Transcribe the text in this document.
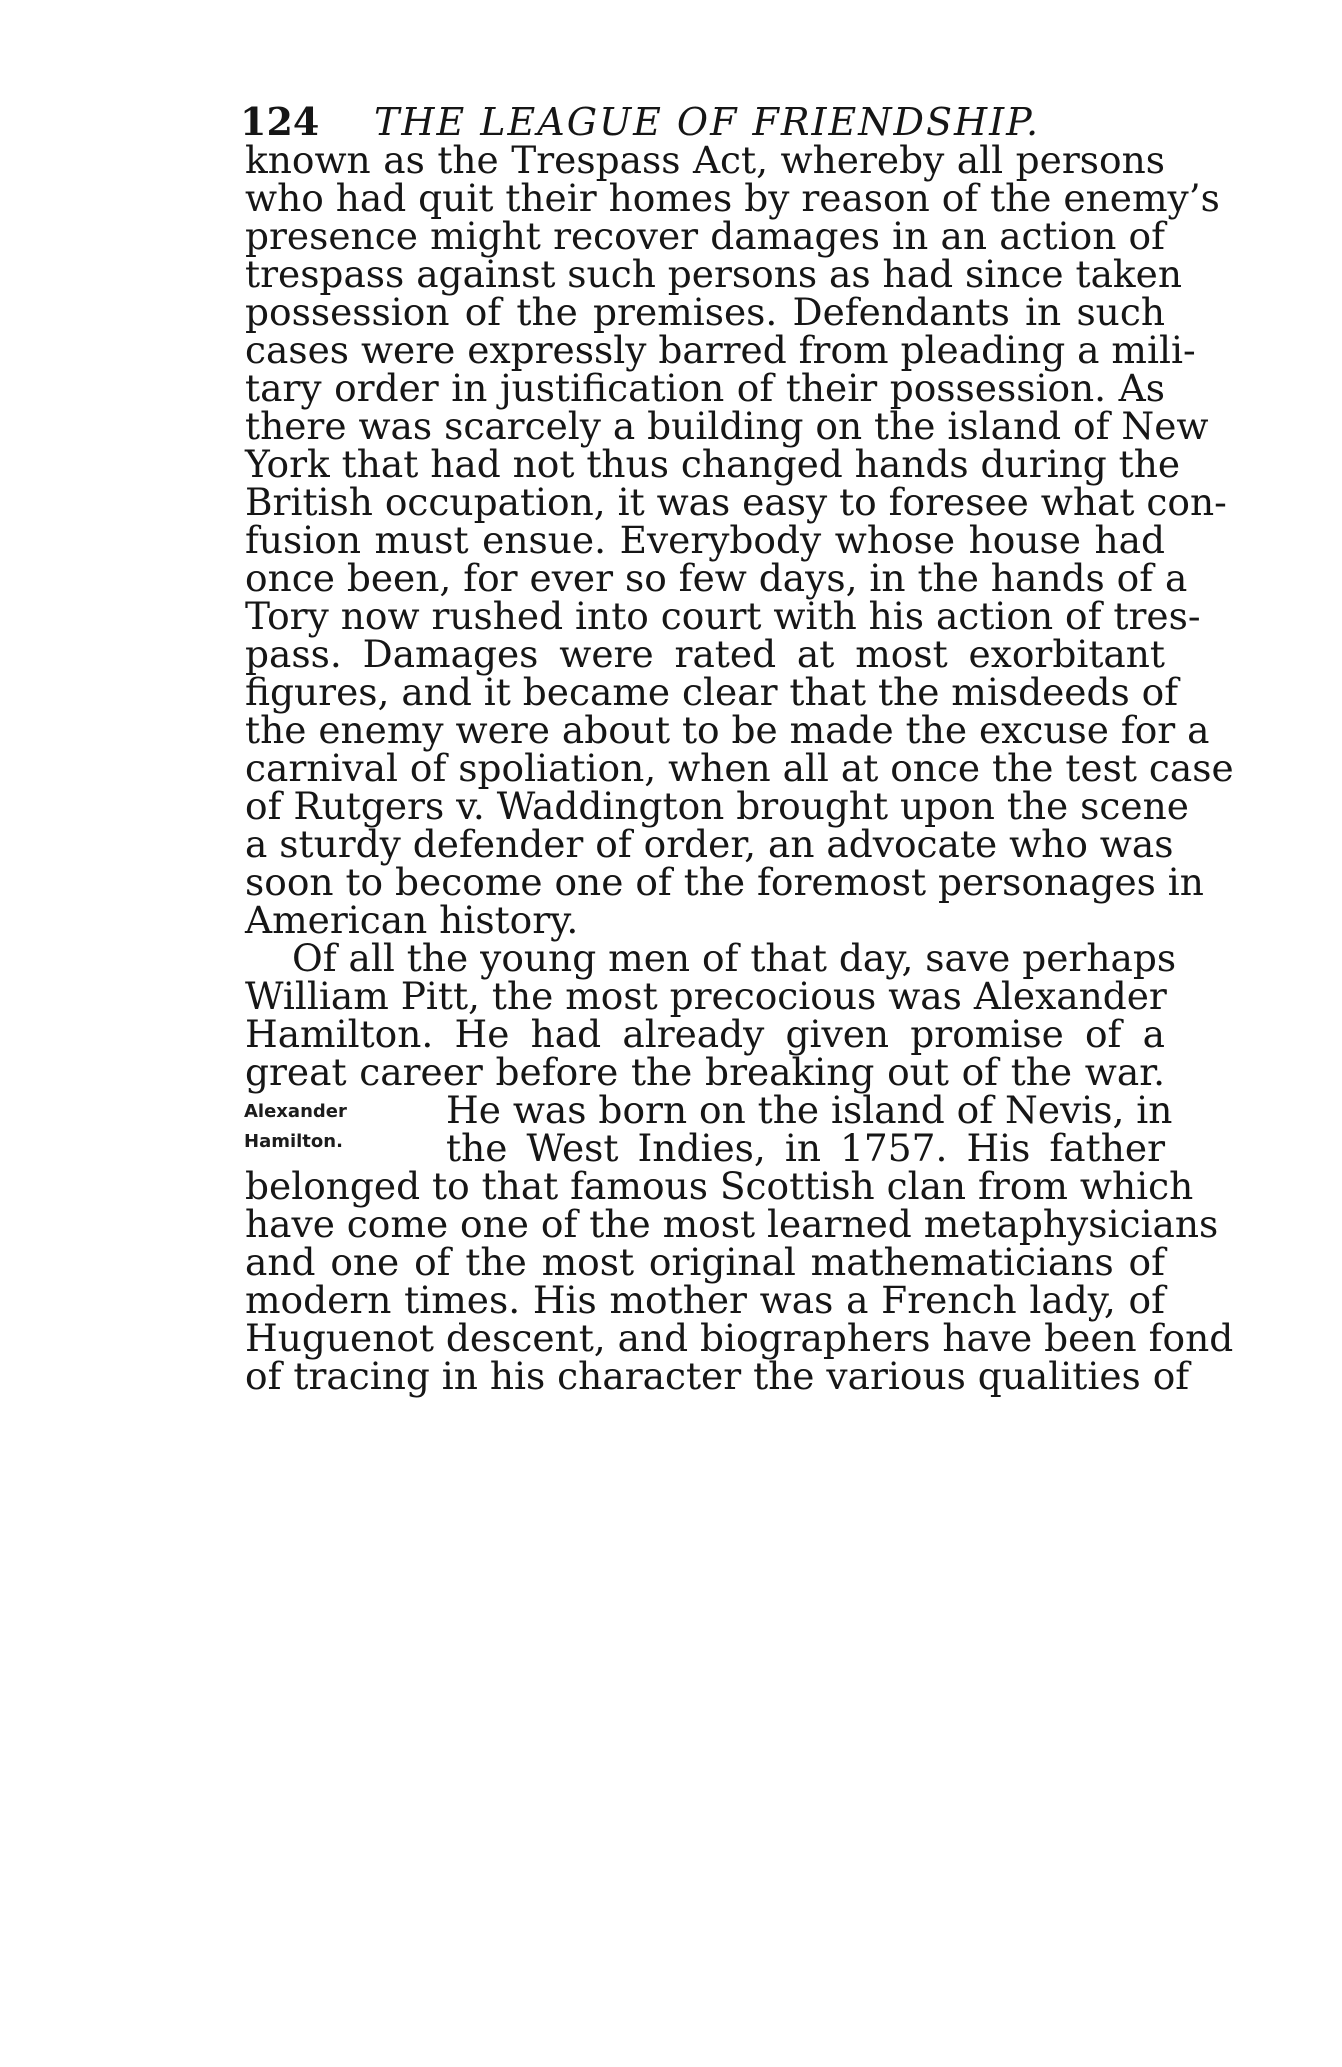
124 THE LEAGUE OF FRIENDSHIP.
known as the Trespass Act, whereby all persons
who had quit their homes by reason of the enemy’s
presence might recover damages in an action of
trespass against such persons as had since taken
possession of the premises. Defendants in such
cases were expressly barred from pleading a mili-
tary order in justification of their possession. As
there was scarcely a building on the island of New
York that had not thus changed hands during the
British occupation, it was easy to foresee what con-
fusion must ensue. Everybody whose house had
once been, for ever so few days, in the hands of a
Tory now rushed into court with his action of tres-
pass. Damages were rated at most exorbitant
figures, and it became clear that the misdeeds of
the enemy were about to be made the excuse for a
carnival of spoliation, when all at once the test case
of Rutgers v. Waddington brought upon the scene
a sturdy defender of order, an advocate who was
soon to become one of the foremost personages in
American history.
Of all the young men of that day, save perhaps
William Pitt, the most precocious was Alexander
Hamilton. He had already given promise of a
great career before the breaking out of the war.
He was born on the island of Nevis, in
the West Indies, in 1757. His father
belonged to that famous Scottish clan from which
have come one of the most learned metaphysicians
and one of the most original mathematicians of
modern times. His mother was a French lady, of
Huguenot descent, and biographers have been fond
of tracing in his character the various qualities of
Alexander
Hamilton.
